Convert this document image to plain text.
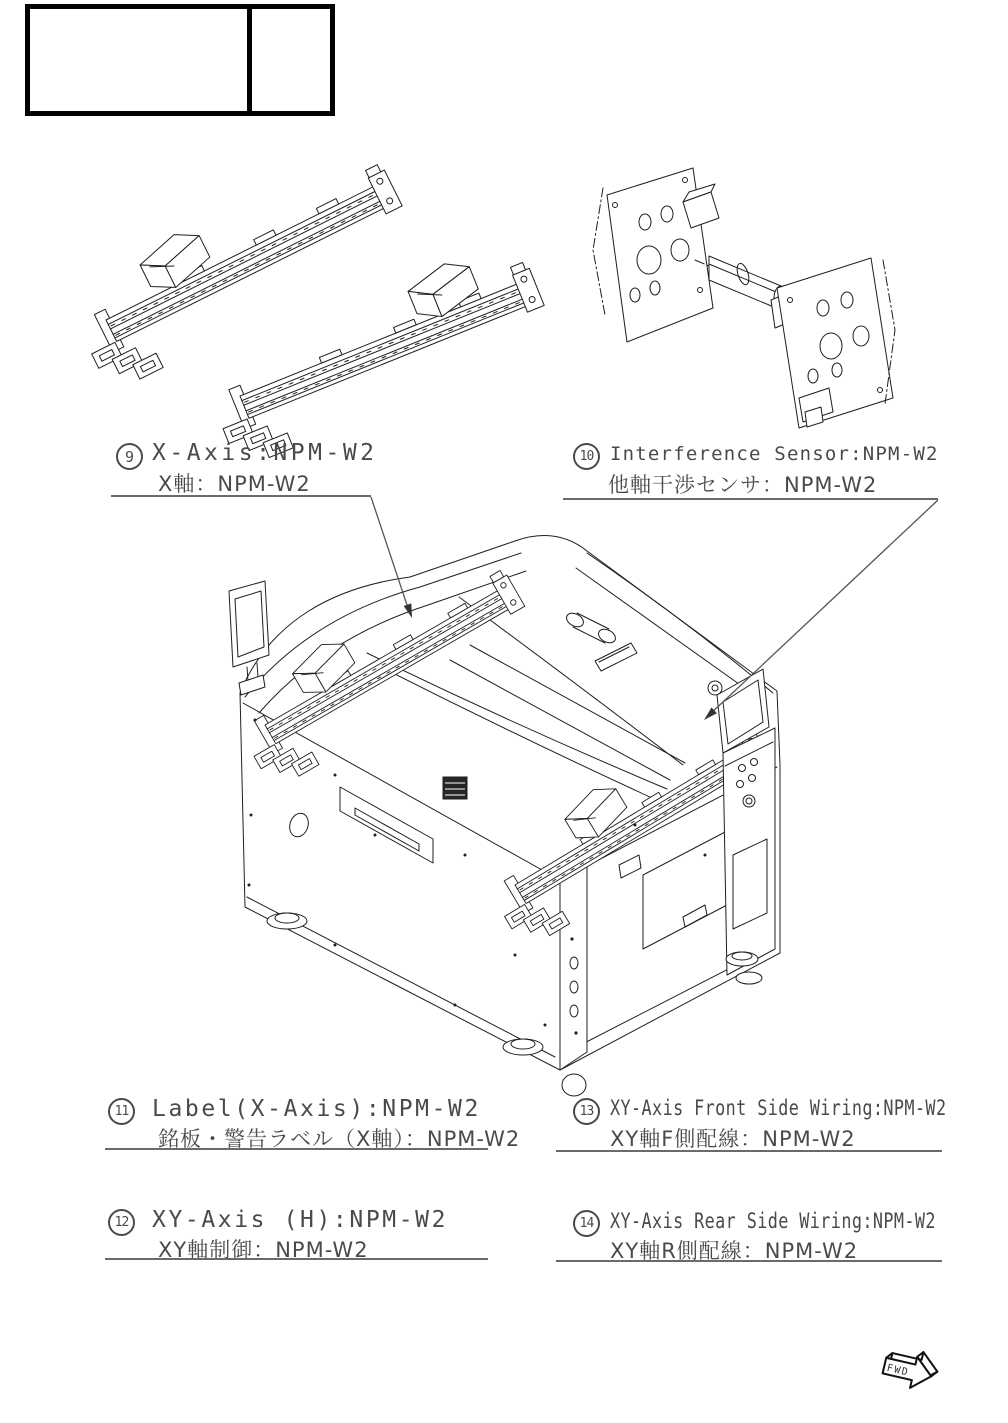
9 X-Axis:NPM-W2
X軸：NPM-W2
10 Interference Sensor:NPM-W2
他軸干渉センサ：NPM-W2
11 Label(X-Axis):NPM-W2
銘板・警告ラベル（X軸）：NPM-W2
12 XY-Axis (H):NPM-W2
XY軸制御：NPM-W2
13 XY-Axis Front Side Wiring:NPM-W2
XY軸F側配線：NPM-W2
14 XY-Axis Rear Side Wiring:NPM-W2
XY軸R側配線：NPM-W2
FWD
